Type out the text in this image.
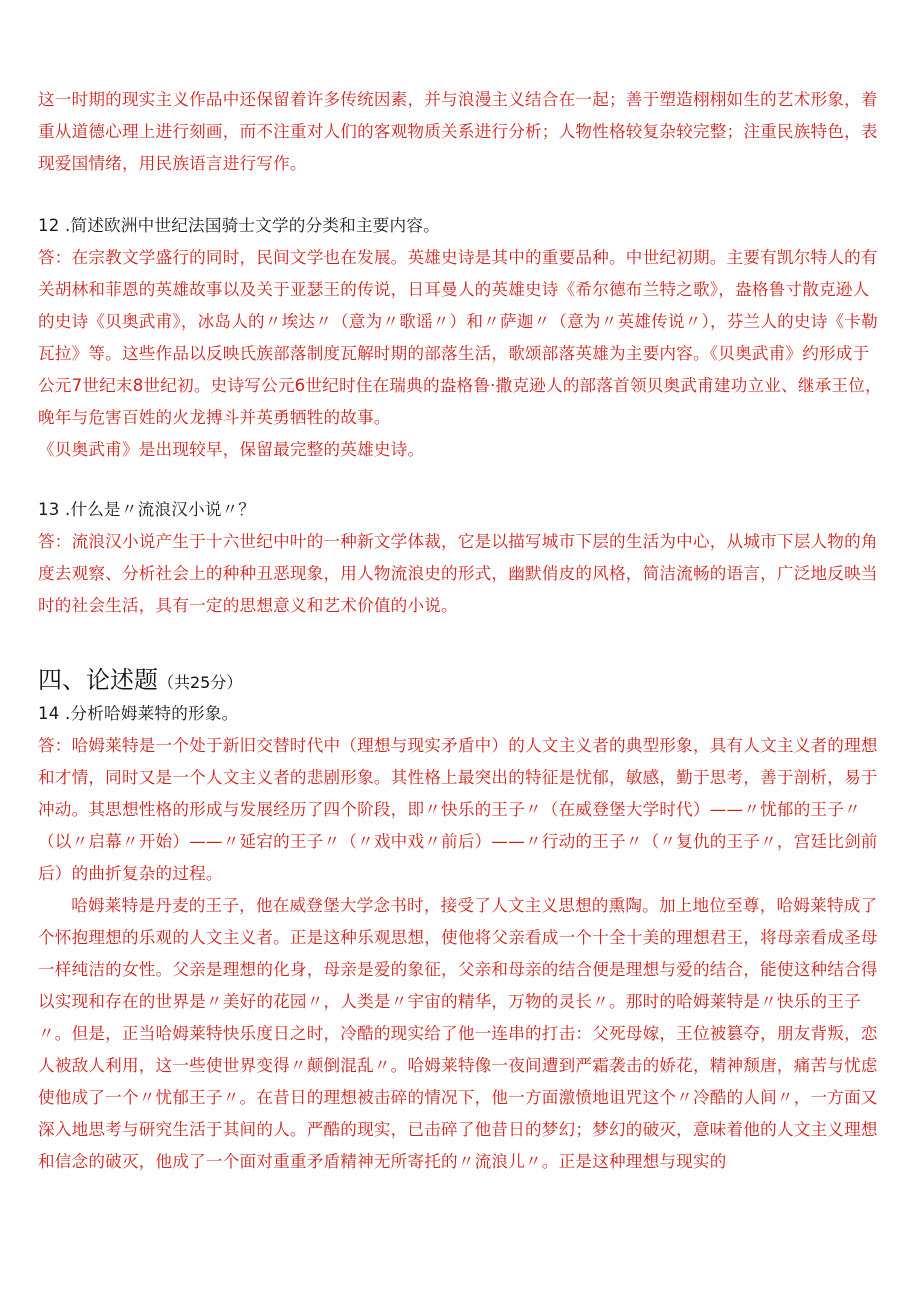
这一时期的现实主义作品中还保留着许多传统因素，并与浪漫主义结合在一起；善于塑造栩栩如生的艺术形象，着重从道德心理上进行刻画，而不注重对人们的客观物质关系进行分析；人物性格较复杂较完整；注重民族特色，表现爱国情绪，用民族语言进行写作。

12 .简述欧洲中世纪法国骑士文学的分类和主要内容。

答：在宗教文学盛行的同时，民间文学也在发展。英雄史诗是其中的重要品种。中世纪初期。主要有凯尔特人的有关胡林和菲恩的英雄故事以及关于亚瑟王的传说，日耳曼人的英雄史诗《希尔德布兰特之歌》，盎格鲁寸散克逊人的史诗《贝奥武甫》，冰岛人的〃埃达〃（意为〃歌谣〃）和〃萨迦〃（意为〃英雄传说〃），芬兰人的史诗《卡勒瓦拉》等。这些作品以反映氏族部落制度瓦解时期的部落生活，歌颂部落英雄为主要内容。《贝奥武甫》约形成于公元7世纪末8世纪初。史诗写公元6世纪时住在瑞典的盎格鲁·撒克逊人的部落首领贝奥武甫建功立业、继承王位，晚年与危害百姓的火龙搏斗并英勇牺牲的故事。

《贝奥武甫》是出现较早，保留最完整的英雄史诗。

13 .什么是〃流浪汉小说〃？

答：流浪汉小说产生于十六世纪中叶的一种新文学体裁，它是以描写城市下层的生活为中心，从城市下层人物的角度去观察、分析社会上的种种丑恶现象，用人物流浪史的形式，幽默俏皮的风格，简洁流畅的语言，广泛地反映当时的社会生活，具有一定的思想意义和艺术价值的小说。

四、论述题（共25分）

14 .分析哈姆莱特的形象。

答：哈姆莱特是一个处于新旧交替时代中（理想与现实矛盾中）的人文主义者的典型形象，具有人文主义者的理想和才情，同时又是一个人文主义者的悲剧形象。其性格上最突出的特征是忧郁，敏感，勤于思考，善于剖析，易于冲动。其思想性格的形成与发展经历了四个阶段，即〃快乐的王子〃（在威登堡大学时代）——〃忧郁的王子〃（以〃启幕〃开始）——〃延宕的王子〃（〃戏中戏〃前后）——〃行动的王子〃（〃复仇的王子〃，宫廷比剑前后）的曲折复杂的过程。

哈姆莱特是丹麦的王子，他在威登堡大学念书时，接受了人文主义思想的熏陶。加上地位至尊，哈姆莱特成了个怀抱理想的乐观的人文主义者。正是这种乐观思想，使他将父亲看成一个十全十美的理想君王，将母亲看成圣母一样纯洁的女性。父亲是理想的化身，母亲是爱的象征，父亲和母亲的结合便是理想与爱的结合，能使这种结合得以实现和存在的世界是〃美好的花园〃，人类是〃宇宙的精华，万物的灵长〃。那时的哈姆莱特是〃快乐的王子〃。但是，正当哈姆莱特快乐度日之时，冷酷的现实给了他一连串的打击：父死母嫁，王位被篡夺，朋友背叛，恋人被敌人利用，这一些使世界变得〃颠倒混乱〃。哈姆莱特像一夜间遭到严霜袭击的娇花，精神颓唐，痛苦与忧虑使他成了一个〃忧郁王子〃。在昔日的理想被击碎的情况下，他一方面激愤地诅咒这个〃冷酷的人间〃，一方面又深入地思考与研究生活于其间的人。严酷的现实，已击碎了他昔日的梦幻；梦幻的破灭，意味着他的人文主义理想和信念的破灭，他成了一个面对重重矛盾精神无所寄托的〃流浪儿〃。正是这种理想与现实的
